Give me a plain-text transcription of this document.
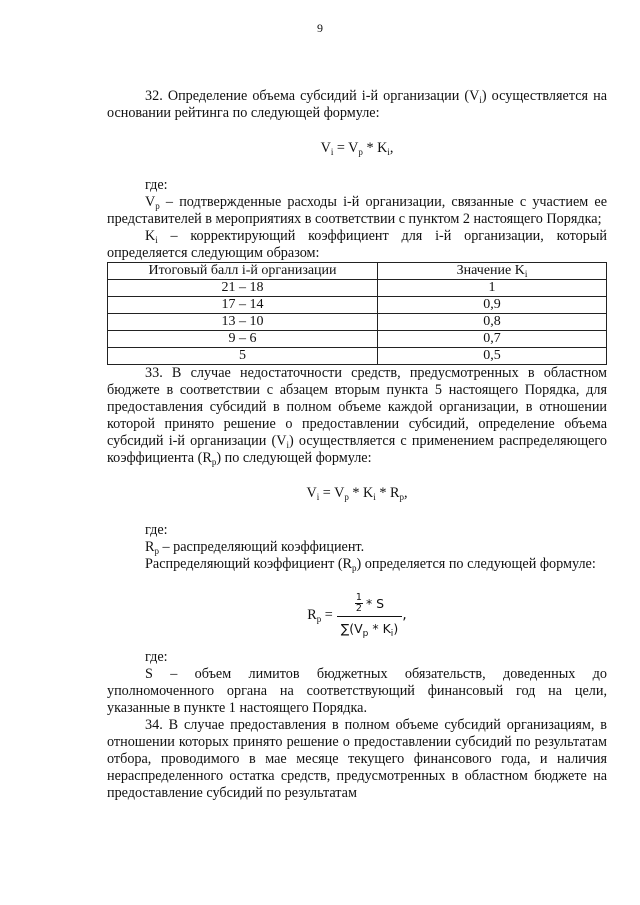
9

32. Определение объема субсидий i-й организации $(V_i)$ осуществляется на основании рейтинга по следующей формуле:

$V_i = V_p * K_i$,

где:

$V_p$ – подтвержденные расходы i-й организации, связанные с участием ее представителей в мероприятиях в соответствии с пунктом 2 настоящего Порядка;

$K_i$ – корректирующий коэффициент для i-й организации, который определяется следующим образом:

Итоговый балл i-й организации	Значение $K_i$
21 – 18	1
17 – 14	0,9
13 – 10	0,8
9 – 6	0,7
5	0,5

33. В случае недостаточности средств, предусмотренных в областном бюджете в соответствии с абзацем вторым пункта 5 настоящего Порядка, для предоставления субсидий в полном объеме каждой организации, в отношении которой принято решение о предоставлении субсидий, определение объема субсидий i-й организации $(V_i)$ осуществляется с применением распределяющего коэффициента $(R_p)$ по следующей формуле:

$V_i = V_p * K_i * R_p$,

где:

$R_p$ – распределяющий коэффициент.

Распределяющий коэффициент $(R_p)$ определяется по следующей формуле:

$R_p = \frac{\frac{1}{2} * S}{\sum(V_p * K_i)}$ ,

где:

S – объем лимитов бюджетных обязательств, доведенных до уполномоченного органа на соответствующий финансовый год на цели, указанные в пункте 1 настоящего Порядка.

34. В случае предоставления в полном объеме субсидий организациям, в отношении которых принято решение о предоставлении субсидий по результатам отбора, проводимого в мае месяце текущего финансового года, и наличия нераспределенного остатка средств, предусмотренных в областном бюджете на предоставление субсидий по результатам
